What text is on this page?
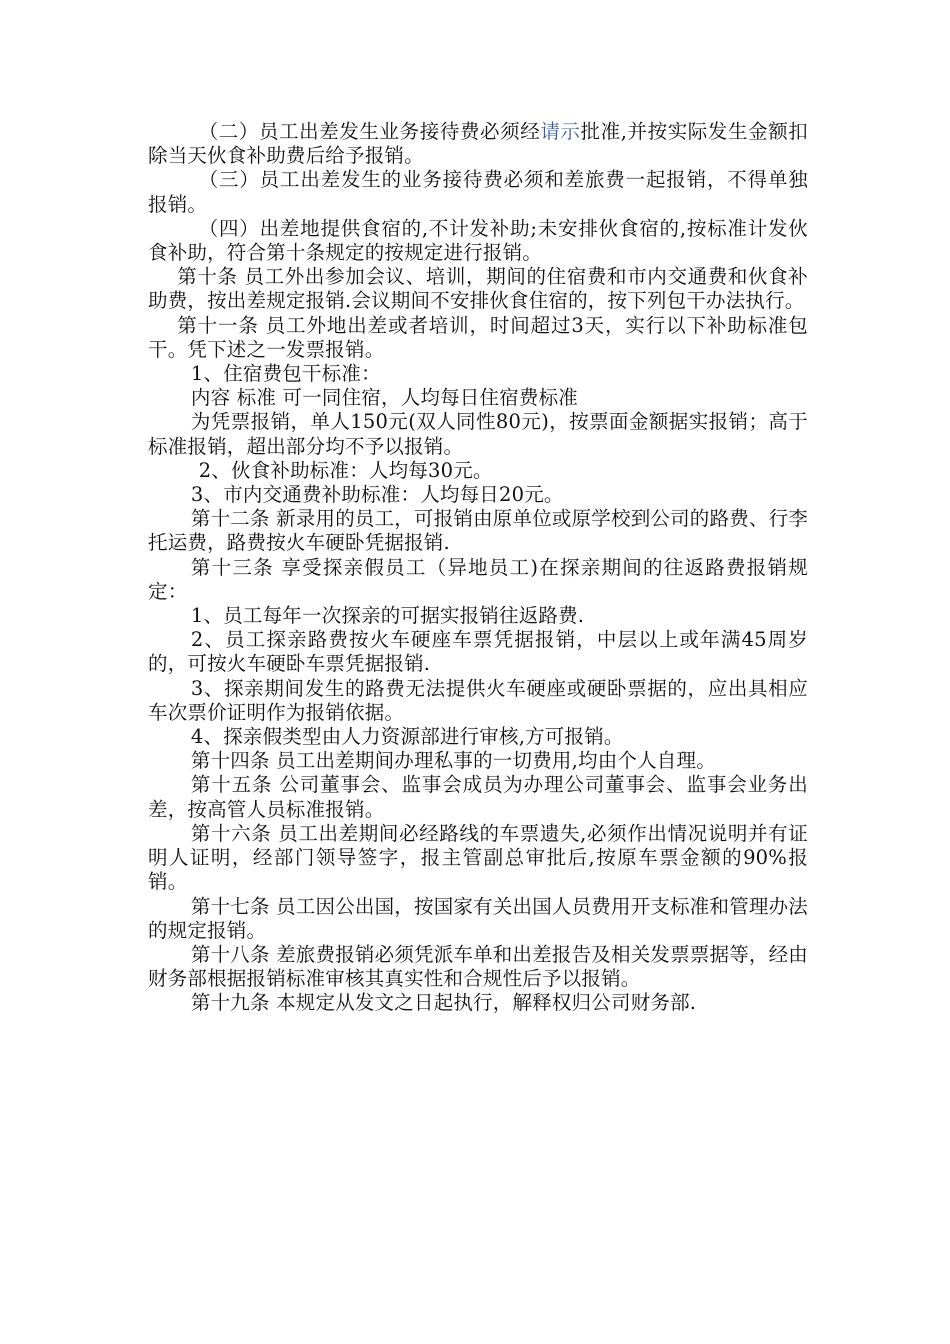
（二）员工出差发生业务接待费必须经请示批准,并按实际发生金额扣除当天伙食补助费后给予报销。

（三）员工出差发生的业务接待费必须和差旅费一起报销，不得单独报销。

（四）出差地提供食宿的,不计发补助;未安排伙食宿的,按标准计发伙食补助，符合第十条规定的按规定进行报销。

第十条 员工外出参加会议、培训，期间的住宿费和市内交通费和伙食补助费，按出差规定报销.会议期间不安排伙食住宿的，按下列包干办法执行。

第十一条 员工外地出差或者培训，时间超过3天，实行以下补助标准包干。凭下述之一发票报销。

1、住宿费包干标准：

内容 标准 可一同住宿，人均每日住宿费标准

为凭票报销，单人150元(双人同性80元)，按票面金额据实报销；高于标准报销，超出部分均不予以报销。

2、伙食补助标准：人均每30元。

3、市内交通费补助标准：人均每日20元。

第十二条 新录用的员工，可报销由原单位或原学校到公司的路费、行李托运费，路费按火车硬卧凭据报销.

第十三条 享受探亲假员工（异地员工)在探亲期间的往返路费报销规定：

1、员工每年一次探亲的可据实报销往返路费.

2、员工探亲路费按火车硬座车票凭据报销，中层以上或年满45周岁的，可按火车硬卧车票凭据报销.

3、探亲期间发生的路费无法提供火车硬座或硬卧票据的，应出具相应车次票价证明作为报销依据。

4、探亲假类型由人力资源部进行审核,方可报销。

第十四条 员工出差期间办理私事的一切费用,均由个人自理。

第十五条 公司董事会、监事会成员为办理公司董事会、监事会业务出差，按高管人员标准报销。

第十六条 员工出差期间必经路线的车票遗失,必须作出情况说明并有证明人证明，经部门领导签字，报主管副总审批后,按原车票金额的90%报销。

第十七条 员工因公出国，按国家有关出国人员费用开支标准和管理办法的规定报销。

第十八条 差旅费报销必须凭派车单和出差报告及相关发票票据等，经由财务部根据报销标准审核其真实性和合规性后予以报销。

第十九条 本规定从发文之日起执行，解释权归公司财务部.
